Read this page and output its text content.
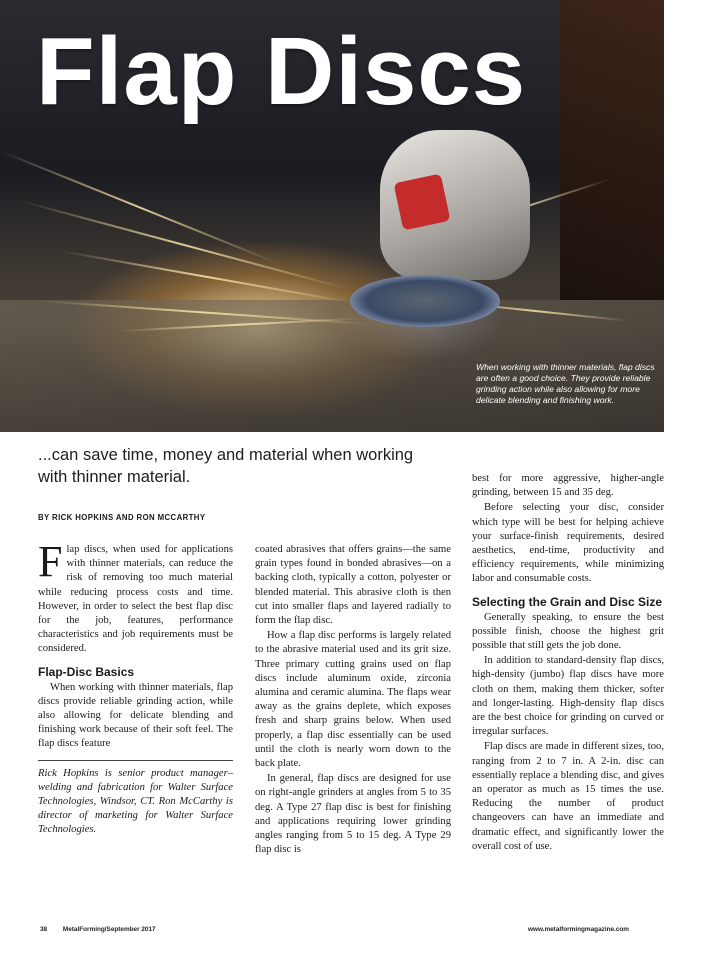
Flap Discs
When working with thinner materials, flap discs are often a good choice. They provide reliable grinding action while also allowing for more delicate blending and finishing work.
...can save time, money and material when working with thinner material.
BY RICK HOPKINS AND RON MCCARTHY

Flap discs, when used for applications with thinner materials, can reduce the risk of removing too much material while reducing process costs and time. However, in order to select the best flap disc for the job, features, performance characteristics and job requirements must be considered.

Flap-Disc Basics

When working with thinner materials, flap discs provide reliable grinding action, while also allowing for delicate blending and finishing work because of their soft feel. The flap discs feature

Rick Hopkins is senior product manager–welding and fabrication for Walter Surface Technologies, Windsor, CT. Ron McCarthy is director of marketing for Walter Surface Technologies.

coated abrasives that offers grains—the same grain types found in bonded abrasives—on a backing cloth, typically a cotton, polyester or blended material. This abrasive cloth is then cut into smaller flaps and layered radially to form the flap disc.

How a flap disc performs is largely related to the abrasive material used and its grit size. Three primary cutting grains used on flap discs include aluminum oxide, zirconia alumina and ceramic alumina. The flaps wear away as the grains deplete, which exposes fresh and sharp grains below. When used properly, a flap disc essentially can be used until the cloth is nearly worn down to the back plate.

In general, flap discs are designed for use on right-angle grinders at angles from 5 to 35 deg. A Type 27 flap disc is best for finishing and applications requiring lower grinding angles ranging from 5 to 15 deg. A Type 29 flap disc is

best for more aggressive, higher-angle grinding, between 15 and 35 deg.

Before selecting your disc, consider which type will be best for helping achieve your surface-finish requirements, desired aesthetics, end-time, productivity and efficiency requirements, while minimizing labor and consumable costs.

Selecting the Grain and Disc Size

Generally speaking, to ensure the best possible finish, choose the highest grit possible that still gets the job done.

In addition to standard-density flap discs, high-density (jumbo) flap discs have more cloth on them, making them thicker, softer and longer-lasting. High-density flap discs are the best choice for grinding on curved or irregular surfaces.

Flap discs are made in different sizes, too, ranging from 2 to 7 in. A 2-in. disc can essentially replace a blending disc, and gives an operator as much as 15 times the use. Reducing the number of product changeovers can have an immediate and dramatic effect, and significantly lower the overall cost of use.

38 MetalForming/September 2017	www.metalformingmagazine.com
